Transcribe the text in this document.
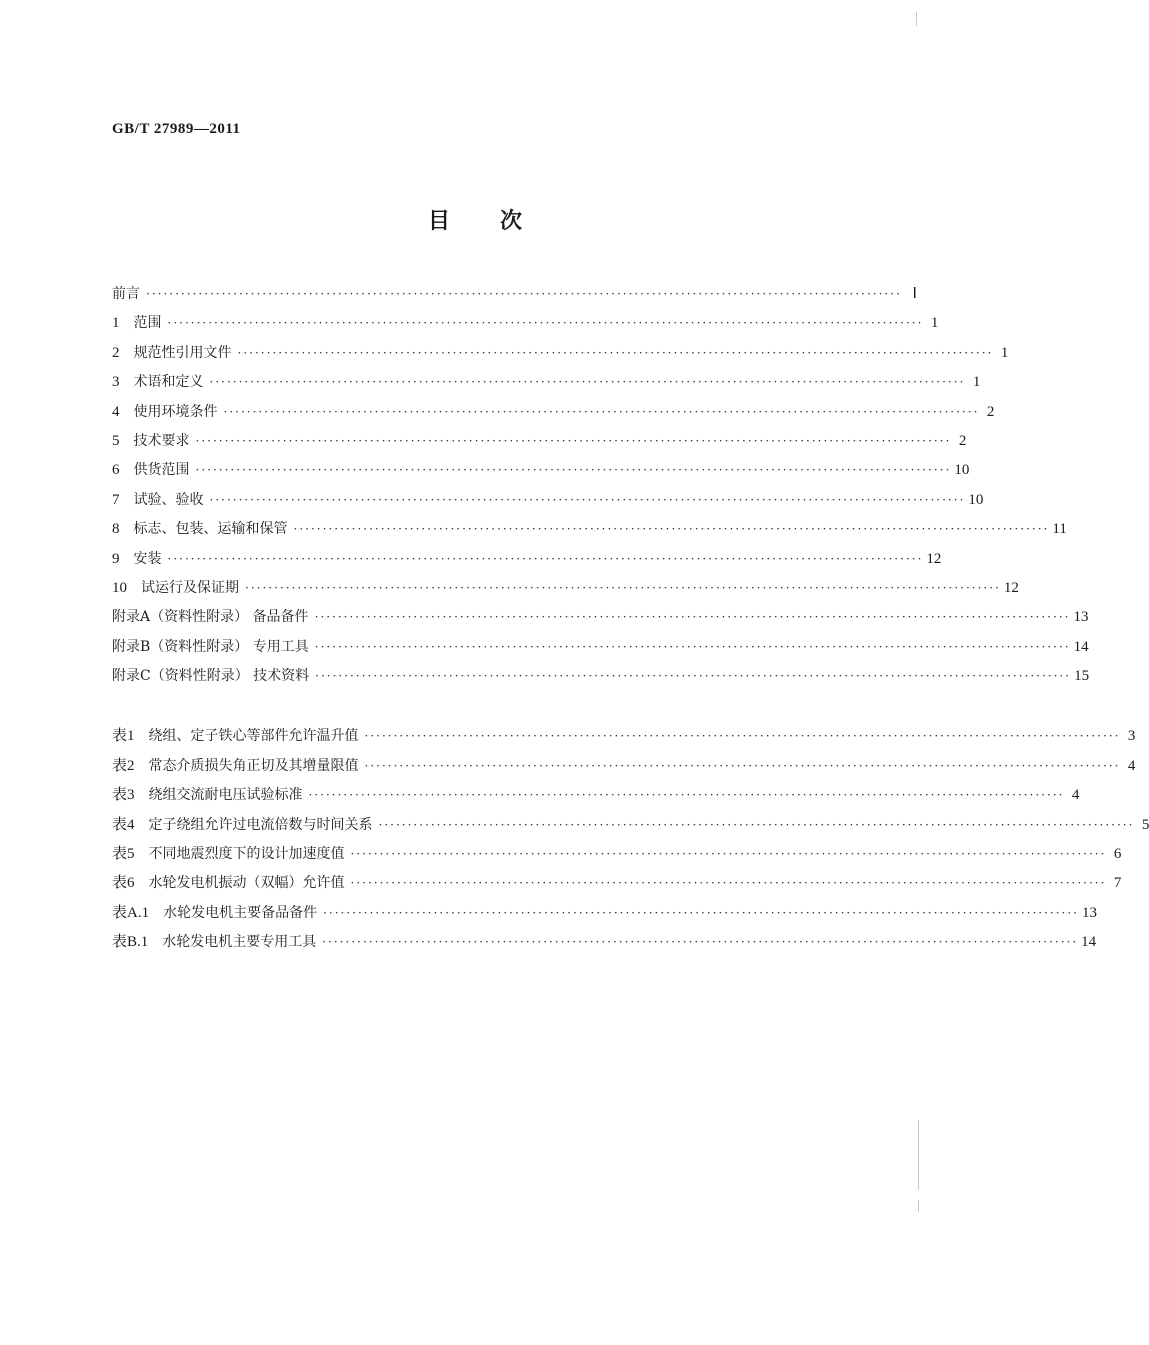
GB/T 27989—2011
目次
前言 ·································································································································· Ⅰ
1 范围 ·································································································································· 1
2 规范性引用文件 ·································································································································· 1
3 术语和定义 ·································································································································· 1
4 使用环境条件 ·································································································································· 2
5 技术要求 ·································································································································· 2
6 供货范围 ·································································································································· 10
7 试验、验收 ·································································································································· 10
8 标志、包装、运输和保管 ·································································································································· 11
9 安装 ·································································································································· 12
10 试运行及保证期 ·································································································································· 12
附录A（资料性附录） 备品备件 ·································································································································· 13
附录B（资料性附录） 专用工具 ·································································································································· 14
附录C（资料性附录） 技术资料 ·································································································································· 15
表1 绕组、定子铁心等部件允许温升值 ·································································································································· 3
表2 常态介质损失角正切及其增量限值 ·································································································································· 4
表3 绕组交流耐电压试验标准 ·································································································································· 4
表4 定子绕组允许过电流倍数与时间关系 ·································································································································· 5
表5 不同地震烈度下的设计加速度值 ·································································································································· 6
表6 水轮发电机振动（双幅）允许值 ·································································································································· 7
表A.1 水轮发电机主要备品备件 ·································································································································· 13
表B.1 水轮发电机主要专用工具 ·································································································································· 14
